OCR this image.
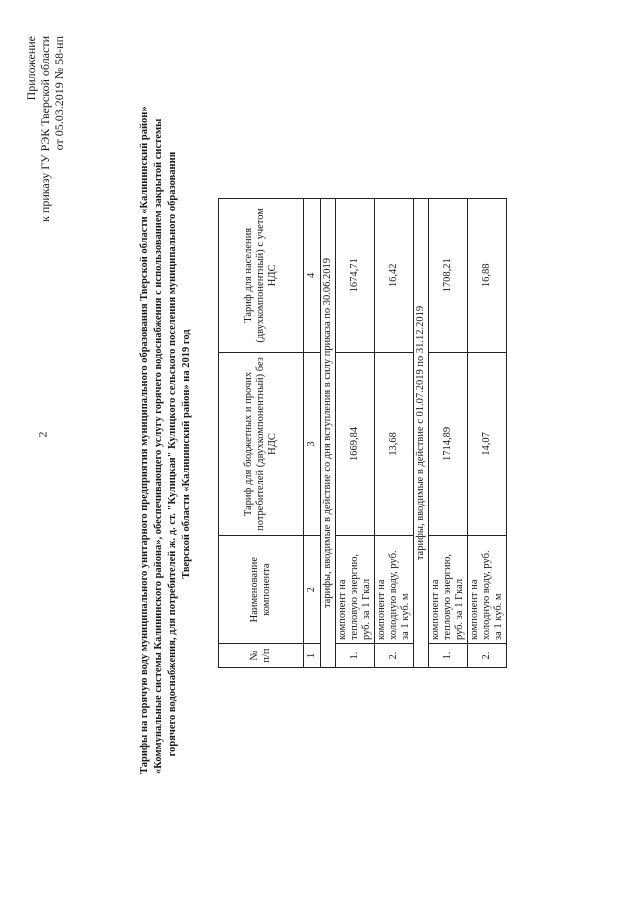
2
Приложение к приказу ГУ РЭК Тверской области от 05.03.2019 № 58-нп
Тарифы на горячую воду муниципального унитарного предприятия муниципального образования Тверской области «Калининский район» «Коммунальные системы Калининского района», обеспечивающего услугу горячего водоснабжения с использованием закрытой системы горячего водоснабжения, для потребителей ж. д. ст. "Кулицкая" Кулицкого сельского поселения муниципального образования Тверской области «Калининский район» на 2019 год
№ п/п	Наименование компонента	Тариф для бюджетных и прочих потребителей (двухкомпонентный) без НДС	Тариф для населения (двухкомпонентный) с учетом НДС
1	2	3	4
тарифы, вводимые в действие со дня вступления в силу приказа по 30.06.2019			
1.	компонент на тепловую энергию, руб. за 1 Гкал	1669,84	1674,71
2.	компонент на холодную воду, руб. за 1 куб. м	13,68	16,42
тарифы, вводимые в действие с 01.07.2019 по 31.12.2019			
1.	компонент на тепловую энергию, руб. за 1 Гкал	1714,89	1708,21
2.	компонент на холодную воду, руб. за 1 куб. м	14,07	16,88
